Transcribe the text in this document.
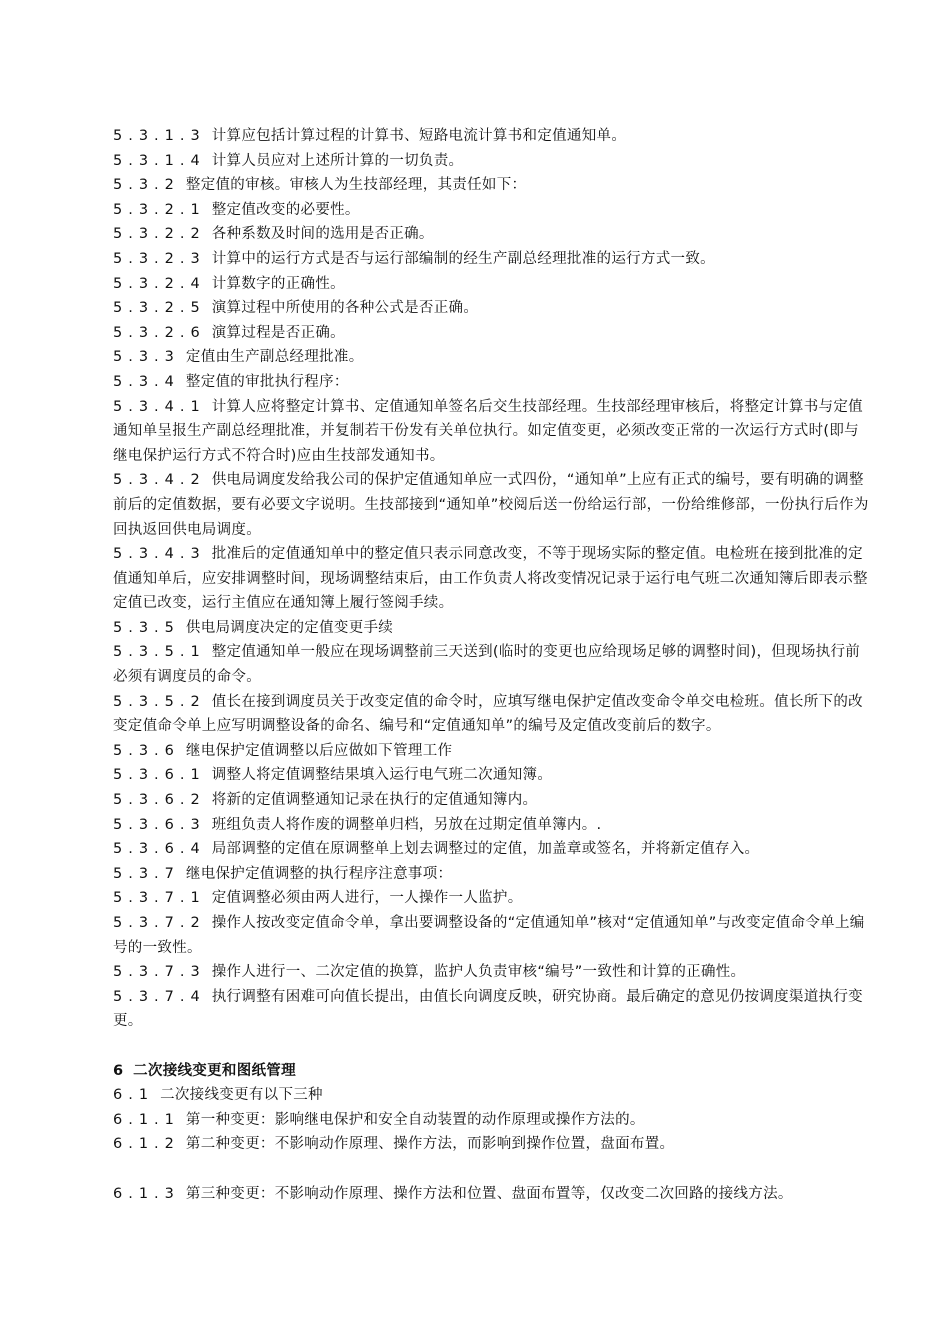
5.3.1.3 计算应包括计算过程的计算书、短路电流计算书和定值通知单。

5.3.1.4 计算人员应对上述所计算的一切负责。

5.3.2 整定值的审核。审核人为生技部经理，其责任如下：

5.3.2.1 整定值改变的必要性。

5.3.2.2 各种系数及时间的选用是否正确。

5.3.2.3 计算中的运行方式是否与运行部编制的经生产副总经理批准的运行方式一致。

5.3.2.4 计算数字的正确性。

5.3.2.5 演算过程中所使用的各种公式是否正确。

5.3.2.6 演算过程是否正确。

5.3.3 定值由生产副总经理批准。

5.3.4 整定值的审批执行程序：

5.3.4.1 计算人应将整定计算书、定值通知单签名后交生技部经理。生技部经理审核后，将整定计算书与定值通知单呈报生产副总经理批准，并复制若干份发有关单位执行。如定值变更，必须改变正常的一次运行方式时(即与继电保护运行方式不符合时)应由生技部发通知书。

5.3.4.2 供电局调度发给我公司的保护定值通知单应一式四份，“通知单”上应有正式的编号，要有明确的调整前后的定值数据，要有必要文字说明。生技部接到“通知单”校阅后送一份给运行部，一份给维修部，一份执行后作为回执返回供电局调度。

5.3.4.3 批准后的定值通知单中的整定值只表示同意改变，不等于现场实际的整定值。电检班在接到批准的定值通知单后，应安排调整时间，现场调整结束后，由工作负责人将改变情况记录于运行电气班二次通知簿后即表示整定值已改变，运行主值应在通知簿上履行签阅手续。

5.3.5 供电局调度决定的定值变更手续

5.3.5.1 整定值通知单一般应在现场调整前三天送到(临时的变更也应给现场足够的调整时间)，但现场执行前必须有调度员的命令。

5.3.5.2 值长在接到调度员关于改变定值的命令时，应填写继电保护定值改变命令单交电检班。值长所下的改变定值命令单上应写明调整设备的命名、编号和“定值通知单”的编号及定值改变前后的数字。

5.3.6 继电保护定值调整以后应做如下管理工作

5.3.6.1 调整人将定值调整结果填入运行电气班二次通知簿。

5.3.6.2 将新的定值调整通知记录在执行的定值通知簿内。

5.3.6.3 班组负责人将作废的调整单归档，另放在过期定值单簿内。.

5.3.6.4 局部调整的定值在原调整单上划去调整过的定值，加盖章或签名，并将新定值存入。

5.3.7 继电保护定值调整的执行程序注意事项：

5.3.7.1 定值调整必须由两人进行，一人操作一人监护。

5.3.7.2 操作人按改变定值命令单，拿出要调整设备的“定值通知单”核对“定值通知单”与改变定值命令单上编号的一致性。

5.3.7.3 操作人进行一、二次定值的换算，监护人负责审核“编号”一致性和计算的正确性。

5.3.7.4 执行调整有困难可向值长提出，由值长向调度反映，研究协商。最后确定的意见仍按调度渠道执行变更。

6 二次接线变更和图纸管理

6.1 二次接线变更有以下三种

6.1.1 第一种变更：影响继电保护和安全自动装置的动作原理或操作方法的。

6.1.2 第二种变更：不影响动作原理、操作方法，而影响到操作位置，盘面布置。

6.1.3 第三种变更：不影响动作原理、操作方法和位置、盘面布置等，仅改变二次回路的接线方法。
